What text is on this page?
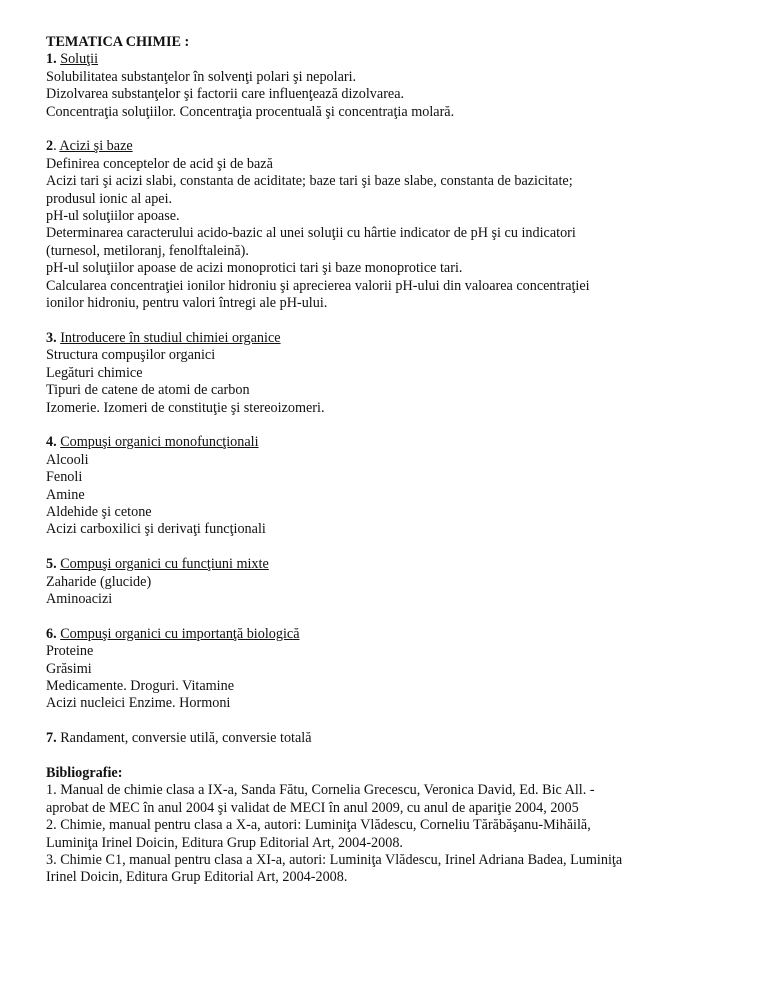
TEMATICA CHIMIE :
1. Soluţii
Solubilitatea substanţelor în solvenţi polari şi nepolari.
Dizolvarea substanţelor şi factorii care influenţează dizolvarea.
Concentraţia soluţiilor. Concentraţia procentuală şi concentraţia molară.
2. Acizi şi baze
Definirea conceptelor de acid şi de bază
Acizi tari şi acizi slabi, constanta de aciditate; baze tari şi baze slabe, constanta de bazicitate;
produsul ionic al apei.
pH-ul soluţiilor apoase.
Determinarea caracterului acido-bazic al unei soluţii cu hârtie indicator de pH şi cu indicatori
(turnesol, metiloranj, fenolftaleină).
pH-ul soluţiilor apoase de acizi monoprotici tari şi baze monoprotice tari.
Calcularea concentraţiei ionilor hidroniu şi aprecierea valorii pH-ului din valoarea concentraţiei
ionilor hidroniu, pentru valori întregi ale pH-ului.
3. Introducere în studiul chimiei organice
Structura compuşilor organici
Legături chimice
Tipuri de catene de atomi de carbon
Izomerie. Izomeri de constituţie şi stereoizomeri.
4. Compuşi organici monofuncţionali
Alcooli
Fenoli
Amine
Aldehide şi cetone
Acizi carboxilici şi derivaţi funcţionali
5. Compuşi organici cu funcţiuni mixte
Zaharide (glucide)
Aminoacizi
6. Compuşi organici cu importanţă biologică
Proteine
Grăsimi
Medicamente. Droguri. Vitamine
Acizi nucleici Enzime. Hormoni
7. Randament, conversie utilă, conversie totală
Bibliografie:
1. Manual de chimie clasa a IX-a, Sanda Fătu, Cornelia Grecescu, Veronica David, Ed. Bic All. -
aprobat de MEC în anul 2004 şi validat de MECI în anul 2009, cu anul de apariţie 2004, 2005
2. Chimie, manual pentru clasa a X-a, autori: Luminiţa Vlădescu, Corneliu Tărăbăşanu-Mihăilă,
Luminiţa Irinel Doicin, Editura Grup Editorial Art, 2004-2008.
3. Chimie C1, manual pentru clasa a XI-a, autori: Luminiţa Vlădescu, Irinel Adriana Badea, Luminiţa
Irinel Doicin, Editura Grup Editorial Art, 2004-2008.
